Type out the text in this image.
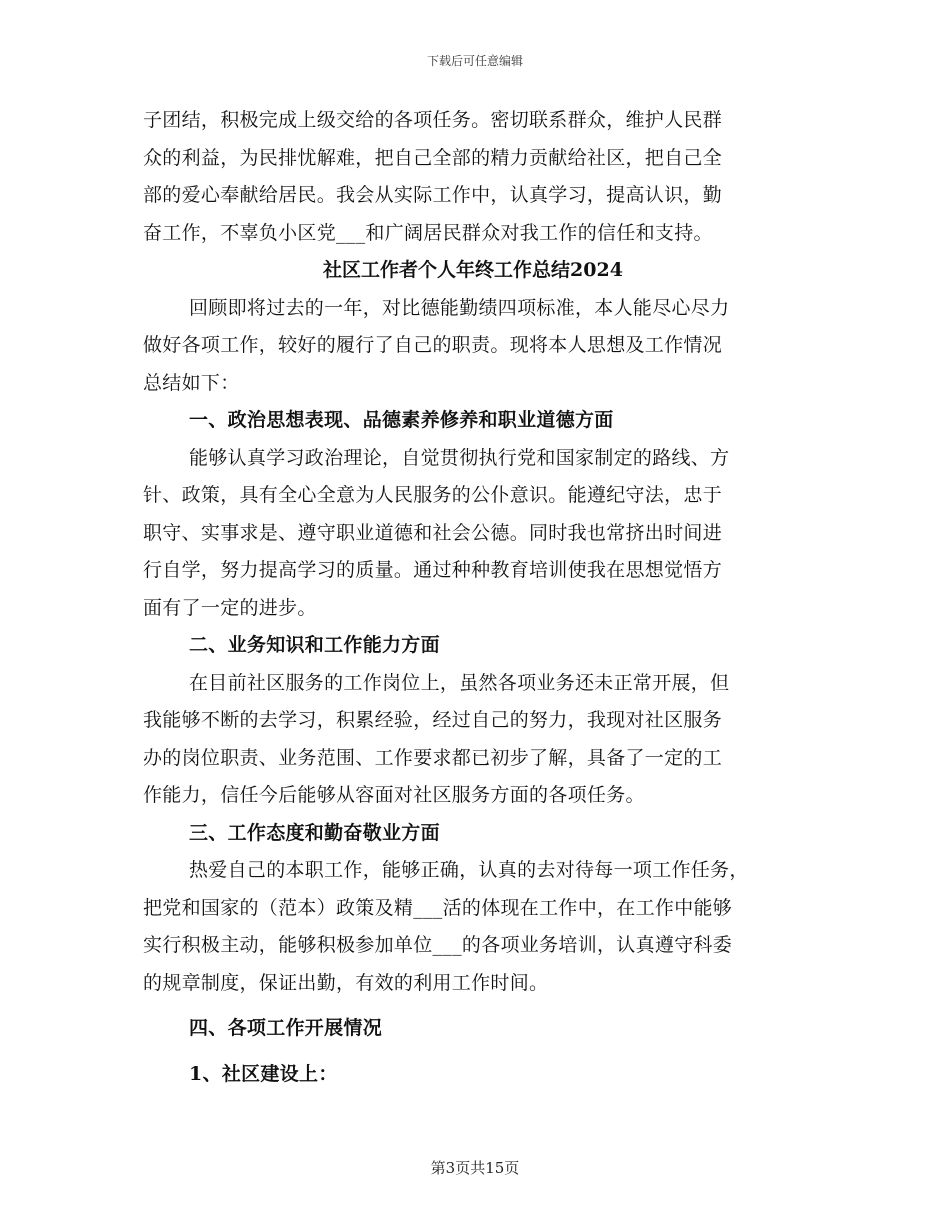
下载后可任意编辑
子团结，积极完成上级交给的各项任务。密切联系群众，维护人民群
众的利益，为民排忧解难，把自己全部的精力贡献给社区，把自己全
部的爱心奉献给居民。我会从实际工作中，认真学习，提高认识，勤
奋工作，不辜负小区党___和广阔居民群众对我工作的信任和支持。
社区工作者个人年终工作总结2024
回顾即将过去的一年，对比德能勤绩四项标准，本人能尽心尽力
做好各项工作，较好的履行了自己的职责。现将本人思想及工作情况
总结如下：
一、政治思想表现、品德素养修养和职业道德方面
能够认真学习政治理论，自觉贯彻执行党和国家制定的路线、方
针、政策，具有全心全意为人民服务的公仆意识。能遵纪守法，忠于
职守、实事求是、遵守职业道德和社会公德。同时我也常挤出时间进
行自学，努力提高学习的质量。通过种种教育培训使我在思想觉悟方
面有了一定的进步。
二、业务知识和工作能力方面
在目前社区服务的工作岗位上，虽然各项业务还未正常开展，但
我能够不断的去学习，积累经验，经过自己的努力，我现对社区服务
办的岗位职责、业务范围、工作要求都已初步了解，具备了一定的工
作能力，信任今后能够从容面对社区服务方面的各项任务。
三、工作态度和勤奋敬业方面
热爱自己的本职工作，能够正确，认真的去对待每一项工作任务，
把党和国家的（范本）政策及精___活的体现在工作中，在工作中能够
实行积极主动，能够积极参加单位___的各项业务培训，认真遵守科委
的规章制度，保证出勤，有效的利用工作时间。
四、各项工作开展情况
1、社区建设上：
第3页共15页
